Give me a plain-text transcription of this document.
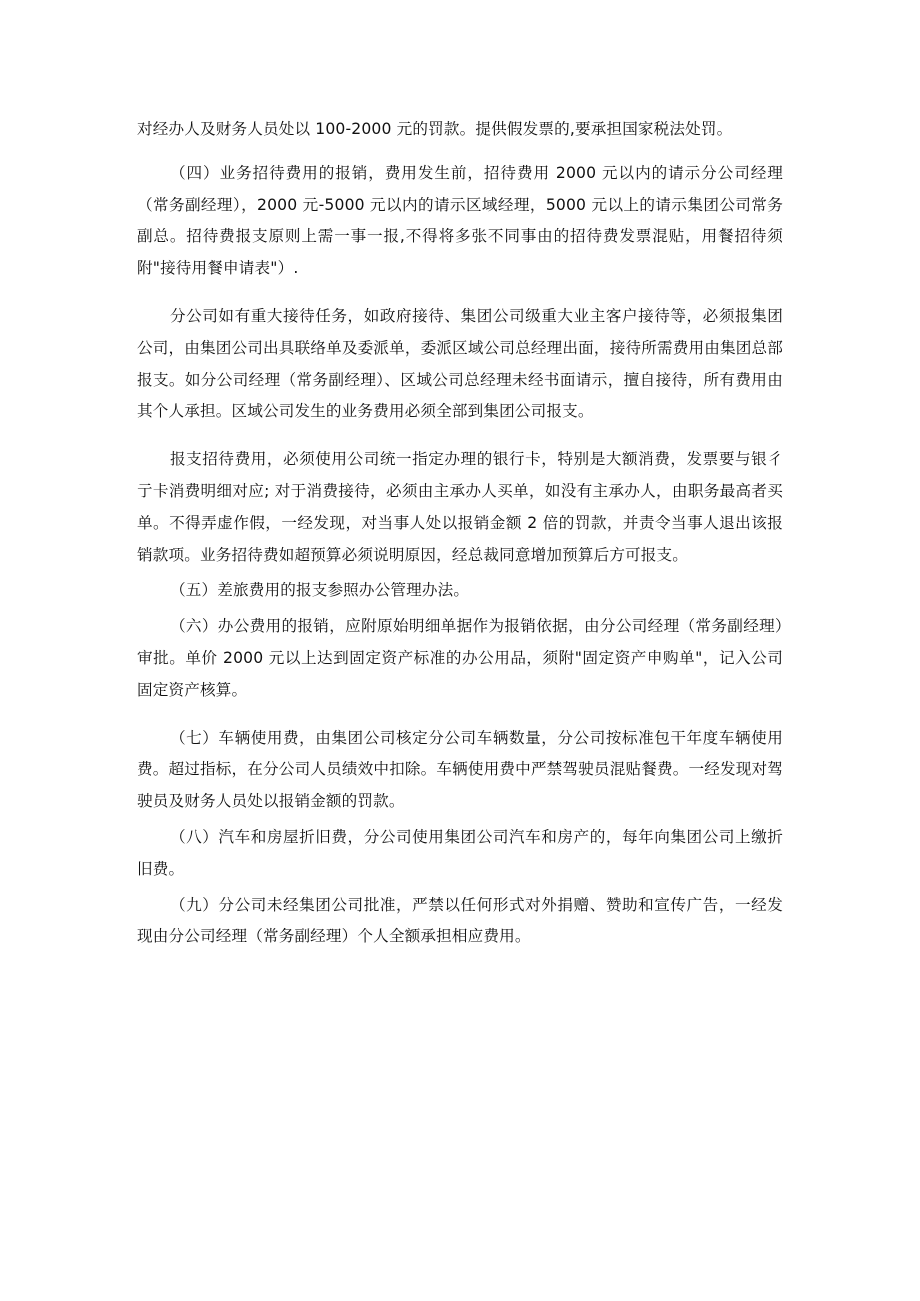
对经办人及财务人员处以 100-2000 元的罚款。提供假发票的,要承担国家税法处罚。

（四）业务招待费用的报销，费用发生前，招待费用 2000 元以内的请示分公司经理（常务副经理），2000 元-5000 元以内的请示区域经理，5000 元以上的请示集团公司常务副总。招待费报支原则上需一事一报,不得将多张不同事由的招待费发票混贴，用餐招待须附"接待用餐申请表"）.

分公司如有重大接待任务，如政府接待、集团公司级重大业主客户接待等，必须报集团公司，由集团公司出具联络单及委派单，委派区域公司总经理出面，接待所需费用由集团总部报支。如分公司经理（常务副经理）、区域公司总经理未经书面请示，擅自接待，所有费用由其个人承担。区域公司发生的业务费用必须全部到集团公司报支。

报支招待费用，必须使用公司统一指定办理的银行卡，特别是大额消费，发票要与银彳亍卡消费明细对应; 对于消费接待，必须由主承办人买单，如没有主承办人，由职务最高者买单。不得弄虚作假，一经发现，对当事人处以报销金额 2 倍的罚款，并责令当事人退出该报销款项。业务招待费如超预算必须说明原因，经总裁同意增加预算后方可报支。

（五）差旅费用的报支参照办公管理办法。

（六）办公费用的报销，应附原始明细单据作为报销依据，由分公司经理（常务副经理）审批。单价 2000 元以上达到固定资产标准的办公用品，须附"固定资产申购单"，记入公司固定资产核算。

（七）车辆使用费，由集团公司核定分公司车辆数量，分公司按标准包干年度车辆使用费。超过指标，在分公司人员绩效中扣除。车辆使用费中严禁驾驶员混贴餐费。一经发现对驾驶员及财务人员处以报销金额的罚款。

（八）汽车和房屋折旧费，分公司使用集团公司汽车和房产的，每年向集团公司上缴折旧费。

（九）分公司未经集团公司批准，严禁以任何形式对外捐赠、赞助和宣传广告，一经发现由分公司经理（常务副经理）个人全额承担相应费用。
